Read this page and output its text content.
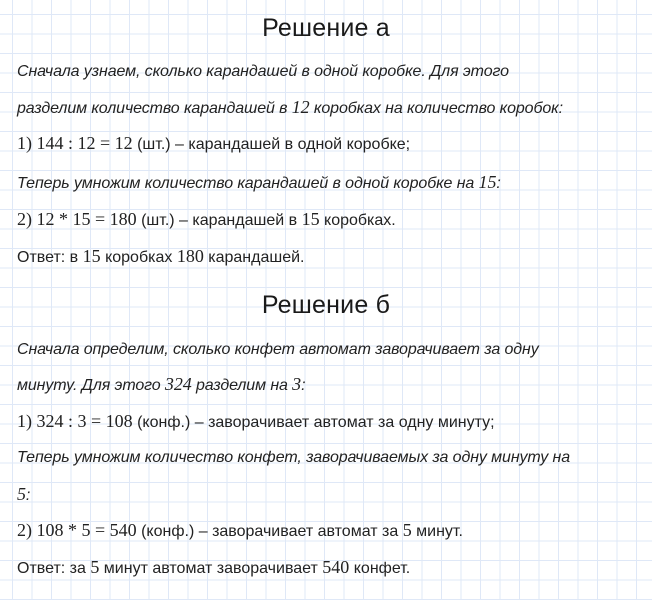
Решение а
Сначала узнаем, сколько карандашей в одной коробке. Для этого
разделим количество карандашей в 12 коробках на количество коробок:
1) 144 : 12 = 12 (шт.) – карандашей в одной коробке;
Теперь умножим количество карандашей в одной коробке на 15:
2) 12 * 15 = 180 (шт.) – карандашей в 15 коробках.
Ответ: в 15 коробках 180 карандашей.
Решение б
Сначала определим, сколько конфет автомат заворачивает за одну
минуту. Для этого 324 разделим на 3:
1) 324 : 3 = 108 (конф.) – заворачивает автомат за одну минуту;
Теперь умножим количество конфет, заворачиваемых за одну минуту на
5:
2) 108 * 5 = 540 (конф.) – заворачивает автомат за 5 минут.
Ответ: за 5 минут автомат заворачивает 540 конфет.
